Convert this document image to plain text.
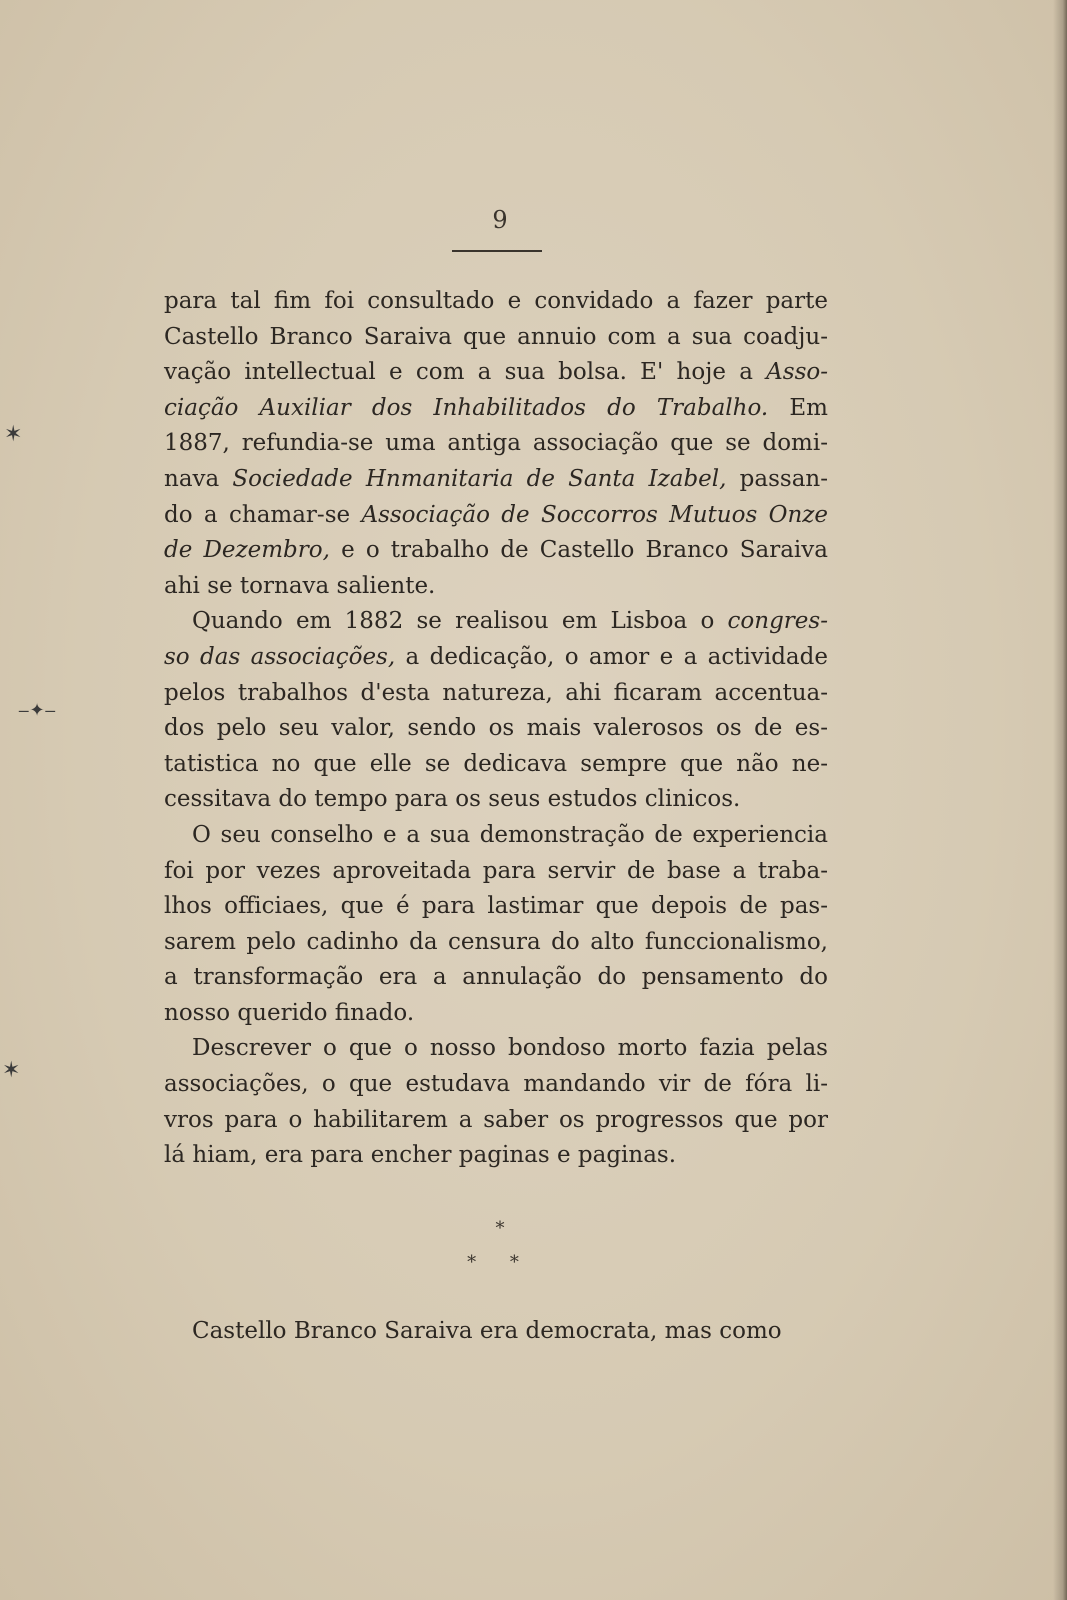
✶
‒✦‒
✶
9
para tal fim foi consultado e convidado a fazer parte
Castello Branco Saraiva que annuio com a sua coadju-
vação intellectual e com a sua bolsa. E' hoje a Asso-
ciação Auxiliar dos Inhabilitados do Trabalho. Em
1887, refundia-se uma antiga associação que se domi-
nava Sociedade Hnmanitaria de Santa Izabel, passan-
do a chamar-se Associação de Soccorros Mutuos Onze
de Dezembro, e o trabalho de Castello Branco Saraiva
ahi se tornava saliente.
Quando em 1882 se realisou em Lisboa o congres-
so das associações, a dedicação, o amor e a actividade
pelos trabalhos d'esta natureza, ahi ficaram accentua-
dos pelo seu valor, sendo os mais valerosos os de es-
tatistica no que elle se dedicava sempre que não ne-
cessitava do tempo para os seus estudos clinicos.
O seu conselho e a sua demonstração de experiencia
foi por vezes aproveitada para servir de base a traba-
lhos officiaes, que é para lastimar que depois de pas-
sarem pelo cadinho da censura do alto funccionalismo,
a transformação era a annulação do pensamento do
nosso querido finado.
Descrever o que o nosso bondoso morto fazia pelas
associações, o que estudava mandando vir de fóra li-
vros para o habilitarem a saber os progressos que por
lá hiam, era para encher paginas e paginas.
*
* *
Castello Branco Saraiva era democrata, mas como
